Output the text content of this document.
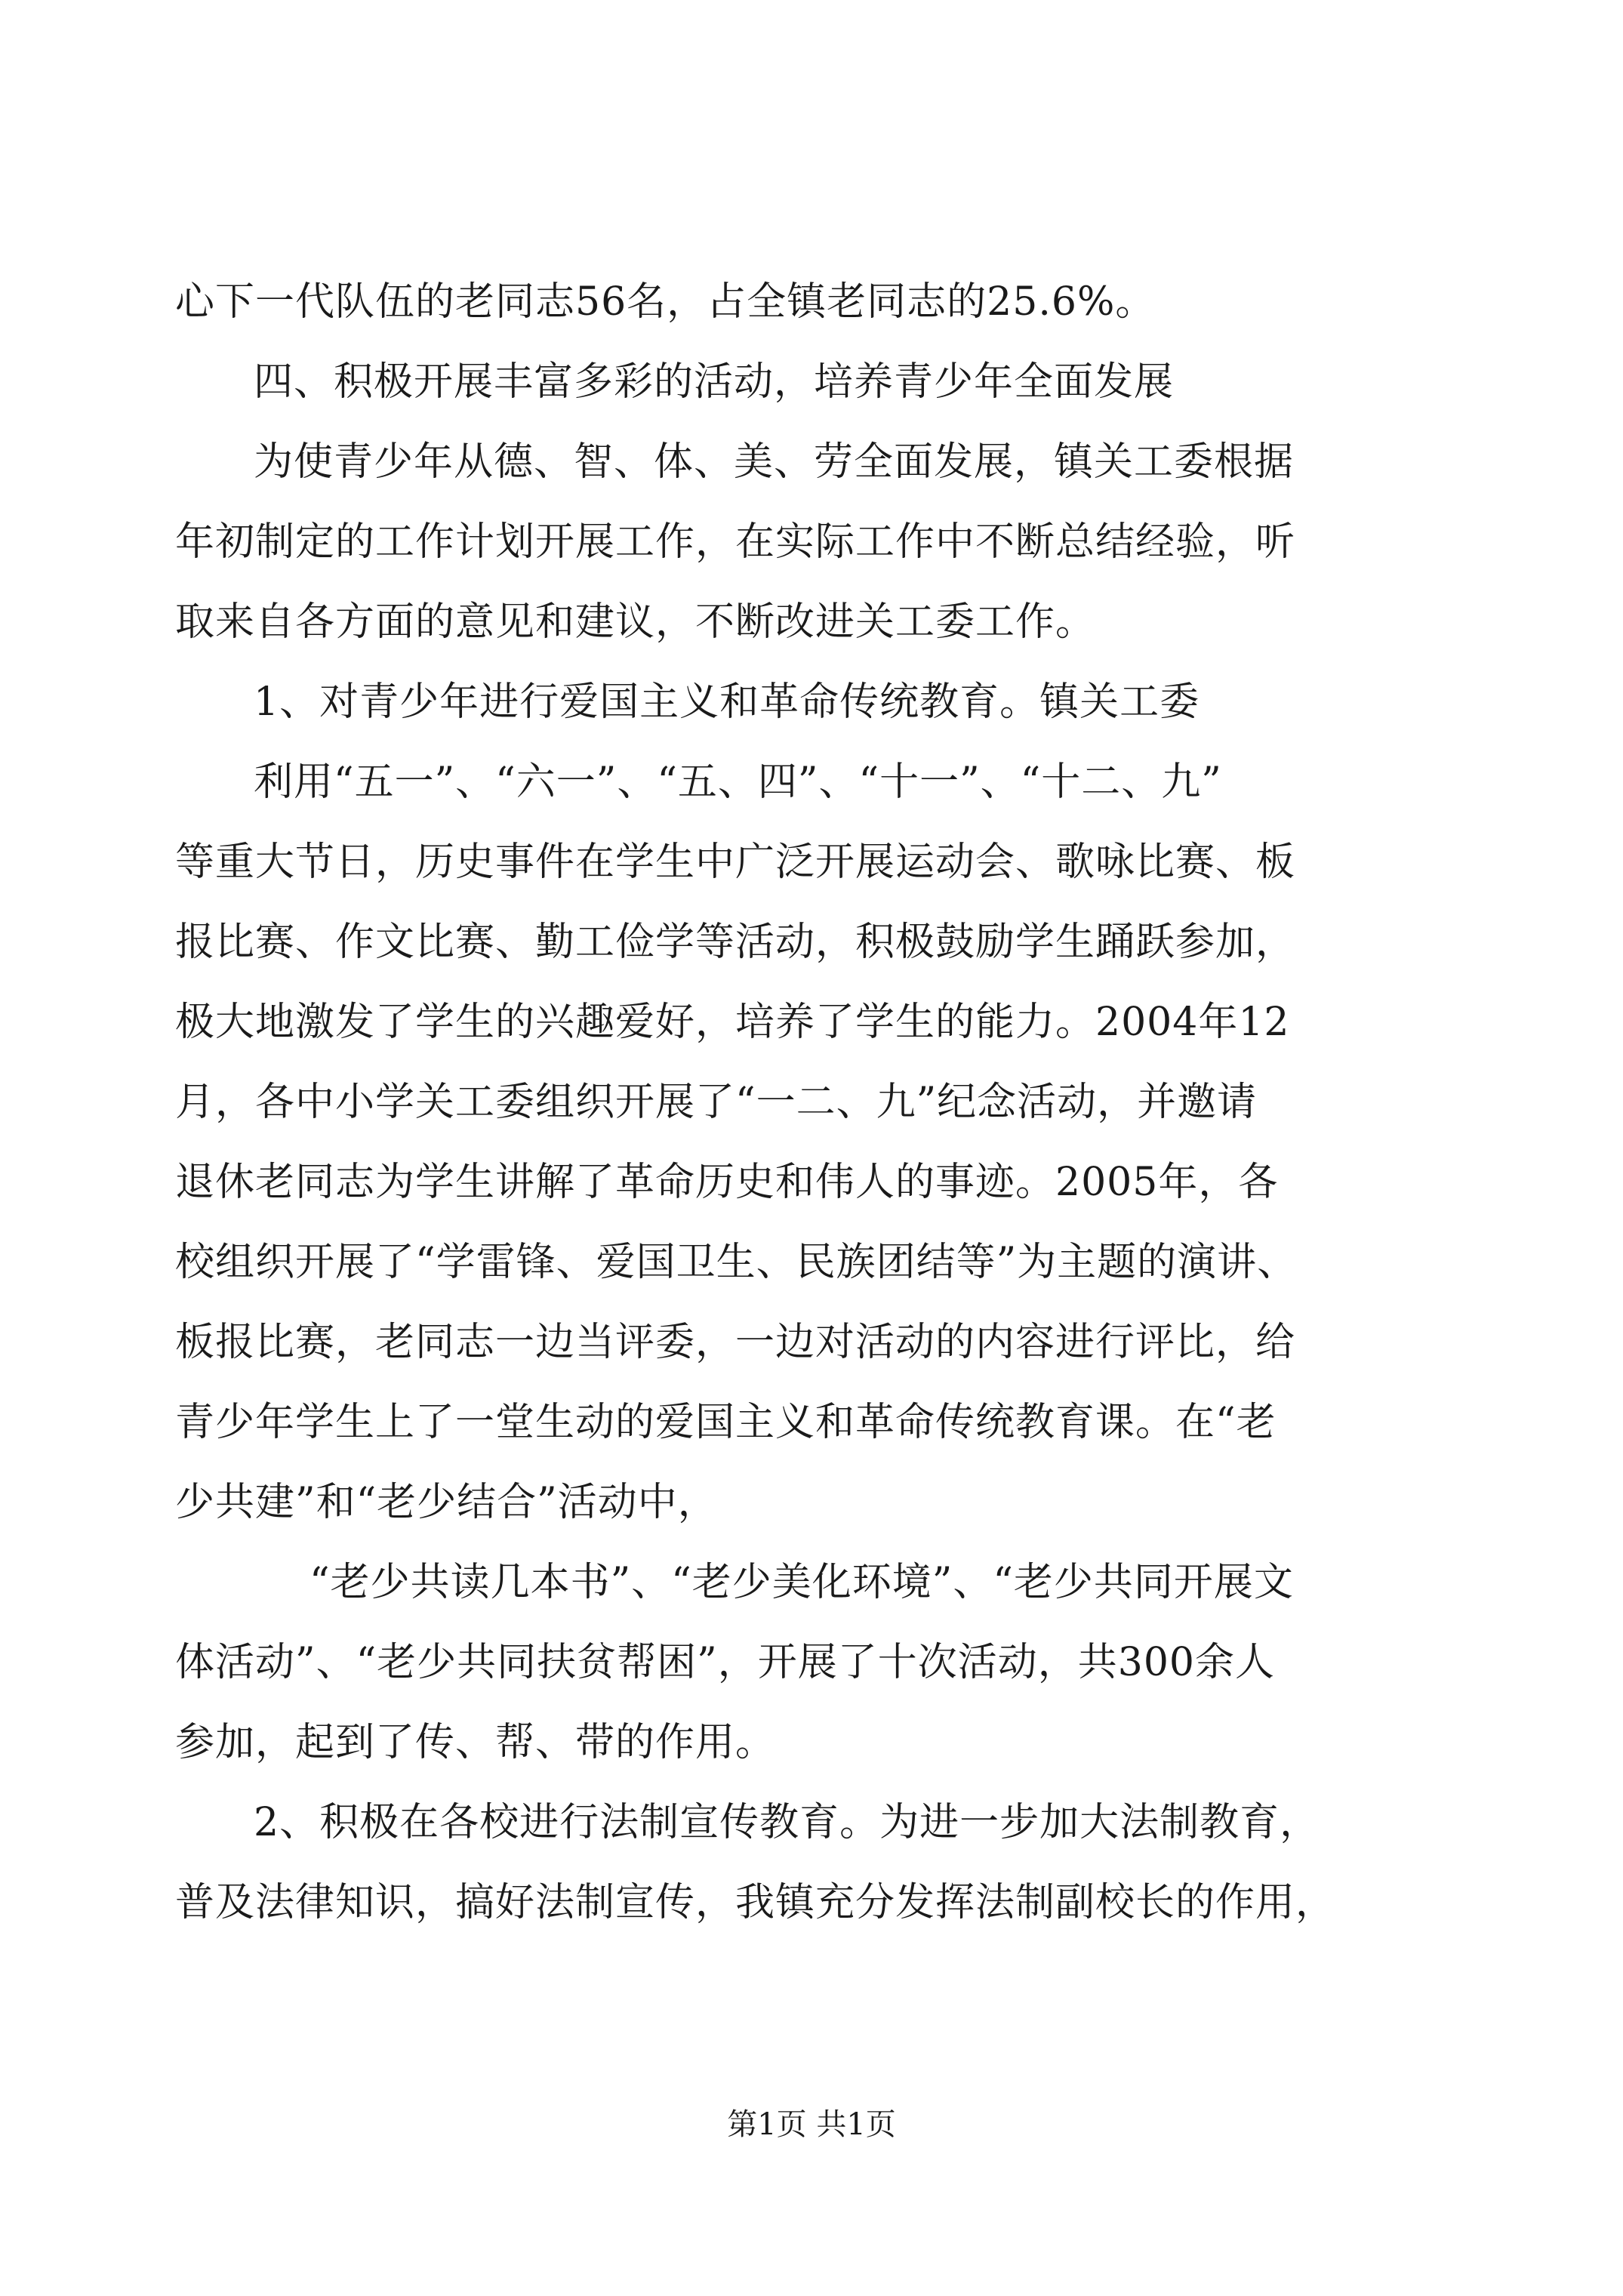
心下一代队伍的老同志56名，占全镇老同志的25.6%。
四、积极开展丰富多彩的活动，培养青少年全面发展
为使青少年从德、智、体、美、劳全面发展，镇关工委根据
年初制定的工作计划开展工作，在实际工作中不断总结经验，听
取来自各方面的意见和建议，不断改进关工委工作。
1、对青少年进行爱国主义和革命传统教育。镇关工委
利用“五一”、“六一”、“五、四”、“十一”、“十二、九”
等重大节日，历史事件在学生中广泛开展运动会、歌咏比赛、板
报比赛、作文比赛、勤工俭学等活动，积极鼓励学生踊跃参加，
极大地激发了学生的兴趣爱好，培养了学生的能力。2004年12
月，各中小学关工委组织开展了“一二、九”纪念活动，并邀请
退休老同志为学生讲解了革命历史和伟人的事迹。2005年，各
校组织开展了“学雷锋、爱国卫生、民族团结等”为主题的演讲、
板报比赛，老同志一边当评委，一边对活动的内容进行评比，给
青少年学生上了一堂生动的爱国主义和革命传统教育课。在“老
少共建”和“老少结合”活动中，
“老少共读几本书”、“老少美化环境”、“老少共同开展文
体活动”、“老少共同扶贫帮困”，开展了十次活动，共300余人
参加，起到了传、帮、带的作用。
2、积极在各校进行法制宣传教育。为进一步加大法制教育，
普及法律知识，搞好法制宣传，我镇充分发挥法制副校长的作用，
第1页 共1页
